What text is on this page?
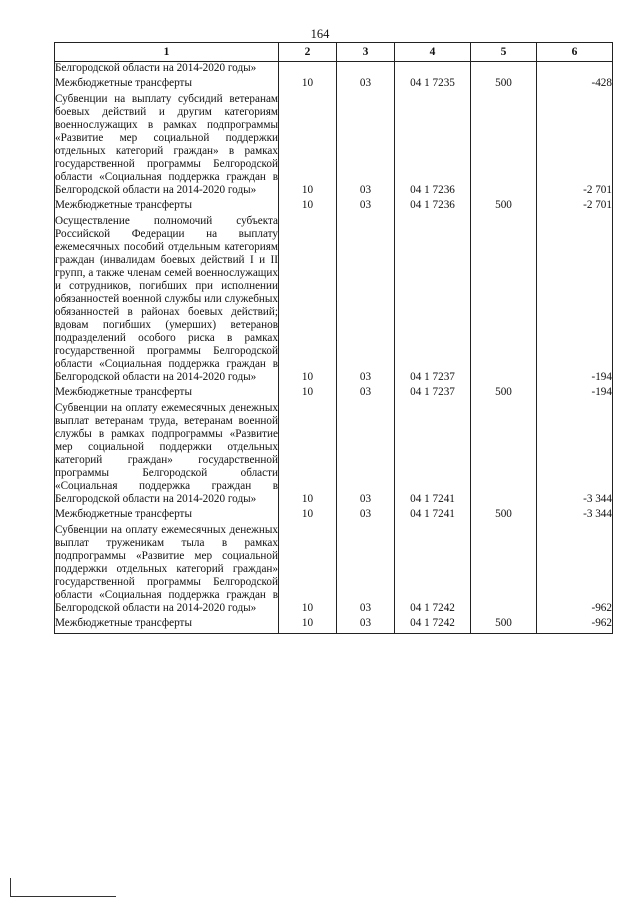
164
1	2	3	4	5	6
Белгородской области на 2014-2020 годы»					
Межбюджетные трансферты	10	03	04 1 7235	500	-428
Субвенции на выплату субсидий ветеранам боевых действий и другим категориям военнослужащих в рамках подпрограммы «Развитие мер социальной поддержки отдельных категорий граждан» в рамках государственной программы Белгородской области «Социальная поддержка граждан в Белгородской области на 2014-2020 годы»	10	03	04 1 7236		-2 701
Межбюджетные трансферты	10	03	04 1 7236	500	-2 701
Осуществление полномочий субъекта Российской Федерации на выплату ежемесячных пособий отдельным категориям граждан (инвалидам боевых действий I и II групп, а также членам семей военнослужащих и сотрудников, погибших при исполнении обязанностей военной службы или служебных обязанностей в районах боевых действий; вдовам погибших (умерших) ветеранов подразделений особого риска в рамках государственной программы Белгородской области «Социальная поддержка граждан в Белгородской области на 2014-2020 годы»	10	03	04 1 7237		-194
Межбюджетные трансферты	10	03	04 1 7237	500	-194
Субвенции на оплату ежемесячных денежных выплат ветеранам труда, ветеранам военной службы в рамках подпрограммы «Развитие мер социальной поддержки отдельных категорий граждан» государственной программы Белгородской области «Социальная поддержка граждан в Белгородской области на 2014-2020 годы»	10	03	04 1 7241		-3 344
Межбюджетные трансферты	10	03	04 1 7241	500	-3 344
Субвенции на оплату ежемесячных денежных выплат труженикам тыла в рамках подпрограммы «Развитие мер социальной поддержки отдельных категорий граждан» государственной программы Белгородской области «Социальная поддержка граждан в Белгородской области на 2014-2020 годы»	10	03	04 1 7242		-962
Межбюджетные трансферты	10	03	04 1 7242	500	-962
